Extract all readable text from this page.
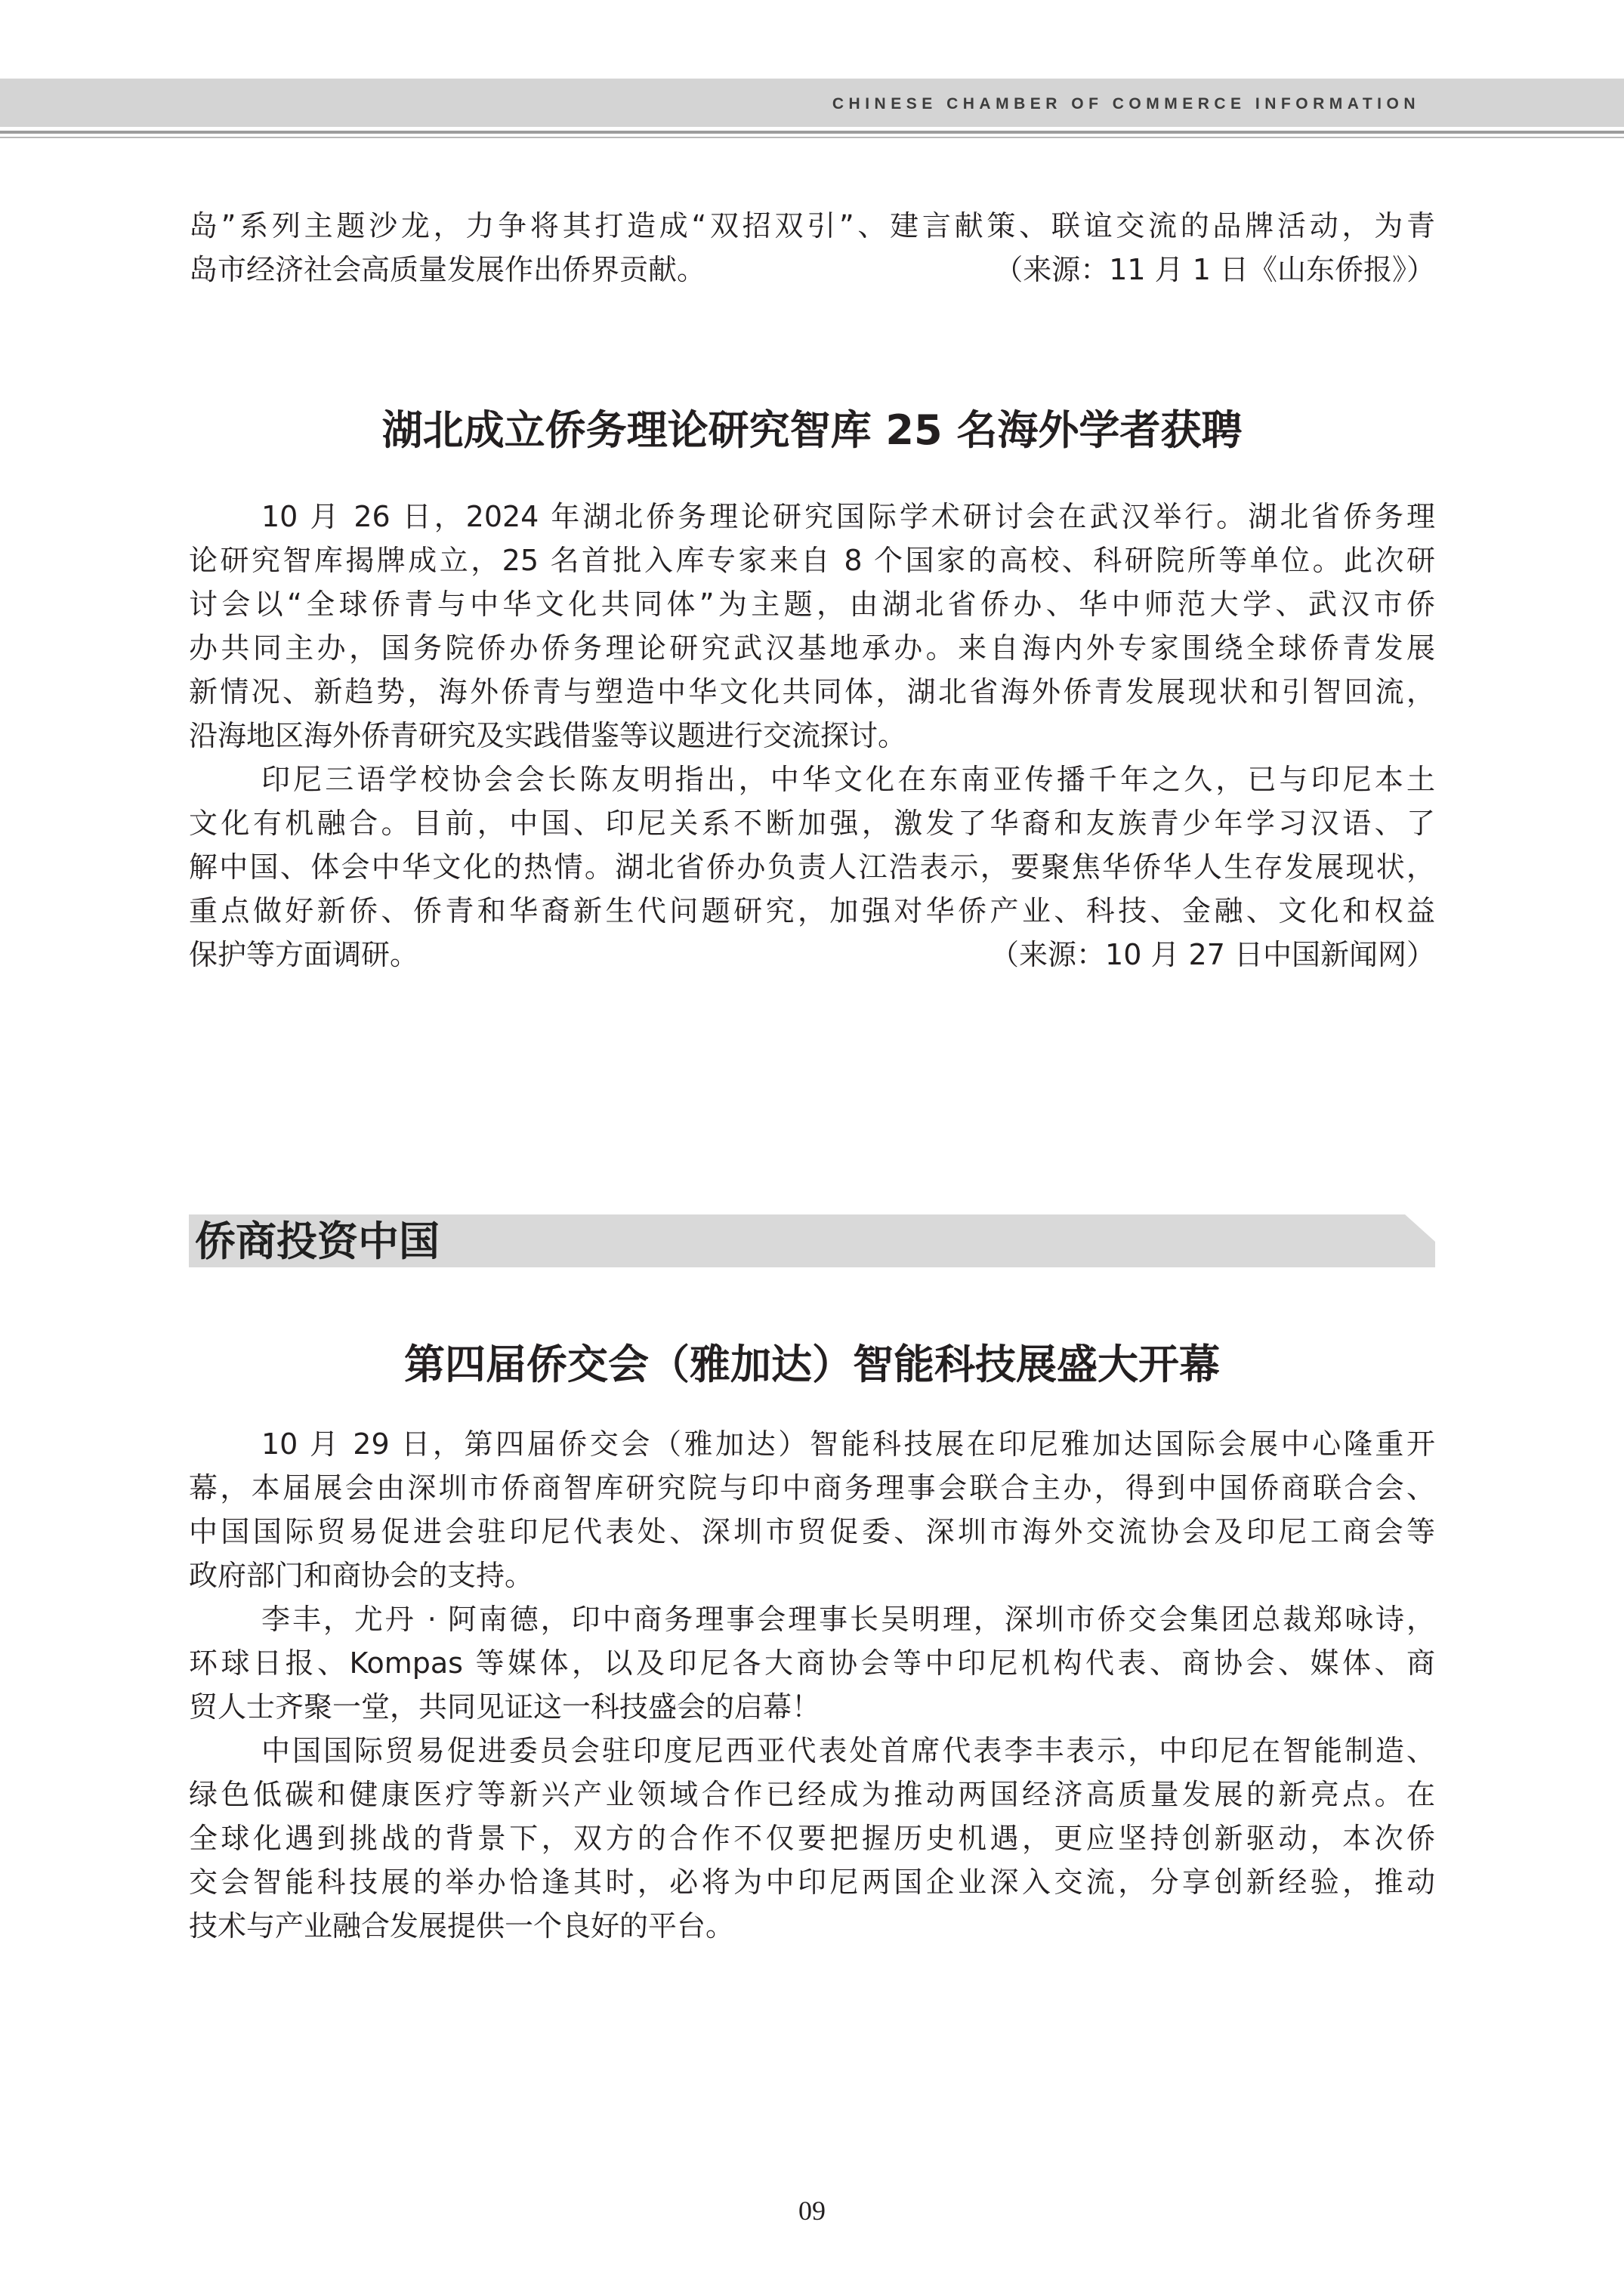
CHINESE CHAMBER OF COMMERCE INFORMATION
岛”系列主题沙龙，力争将其打造成“双招双引”、建言献策、联谊交流的品牌活动，为青
岛市经济社会高质量发展作出侨界贡献。	（来源：11 月 1 日《山东侨报》）
湖北成立侨务理论研究智库 25 名海外学者获聘
10 月 26 日，2024 年湖北侨务理论研究国际学术研讨会在武汉举行。湖北省侨务理
论研究智库揭牌成立，25 名首批入库专家来自 8 个国家的高校、科研院所等单位。此次研
讨会以“全球侨青与中华文化共同体”为主题，由湖北省侨办、华中师范大学、武汉市侨
办共同主办，国务院侨办侨务理论研究武汉基地承办。来自海内外专家围绕全球侨青发展
新情况、新趋势，海外侨青与塑造中华文化共同体，湖北省海外侨青发展现状和引智回流，
沿海地区海外侨青研究及实践借鉴等议题进行交流探讨。
印尼三语学校协会会长陈友明指出，中华文化在东南亚传播千年之久，已与印尼本土
文化有机融合。目前，中国、印尼关系不断加强，激发了华裔和友族青少年学习汉语、了
解中国、体会中华文化的热情。湖北省侨办负责人江浩表示，要聚焦华侨华人生存发展现状，
重点做好新侨、侨青和华裔新生代问题研究，加强对华侨产业、科技、金融、文化和权益
保护等方面调研。	（来源：10 月 27 日中国新闻网）
侨商投资中国
第四届侨交会（雅加达）智能科技展盛大开幕
10 月 29 日，第四届侨交会（雅加达）智能科技展在印尼雅加达国际会展中心隆重开
幕，本届展会由深圳市侨商智库研究院与印中商务理事会联合主办，得到中国侨商联合会、
中国国际贸易促进会驻印尼代表处、深圳市贸促委、深圳市海外交流协会及印尼工商会等
政府部门和商协会的支持。
李丰，尤丹 · 阿南德，印中商务理事会理事长吴明理，深圳市侨交会集团总裁郑咏诗，
环球日报、Kompas 等媒体，以及印尼各大商协会等中印尼机构代表、商协会、媒体、商
贸人士齐聚一堂，共同见证这一科技盛会的启幕！
中国国际贸易促进委员会驻印度尼西亚代表处首席代表李丰表示，中印尼在智能制造、
绿色低碳和健康医疗等新兴产业领域合作已经成为推动两国经济高质量发展的新亮点。在
全球化遇到挑战的背景下，双方的合作不仅要把握历史机遇，更应坚持创新驱动，本次侨
交会智能科技展的举办恰逢其时，必将为中印尼两国企业深入交流，分享创新经验，推动
技术与产业融合发展提供一个良好的平台。
09
